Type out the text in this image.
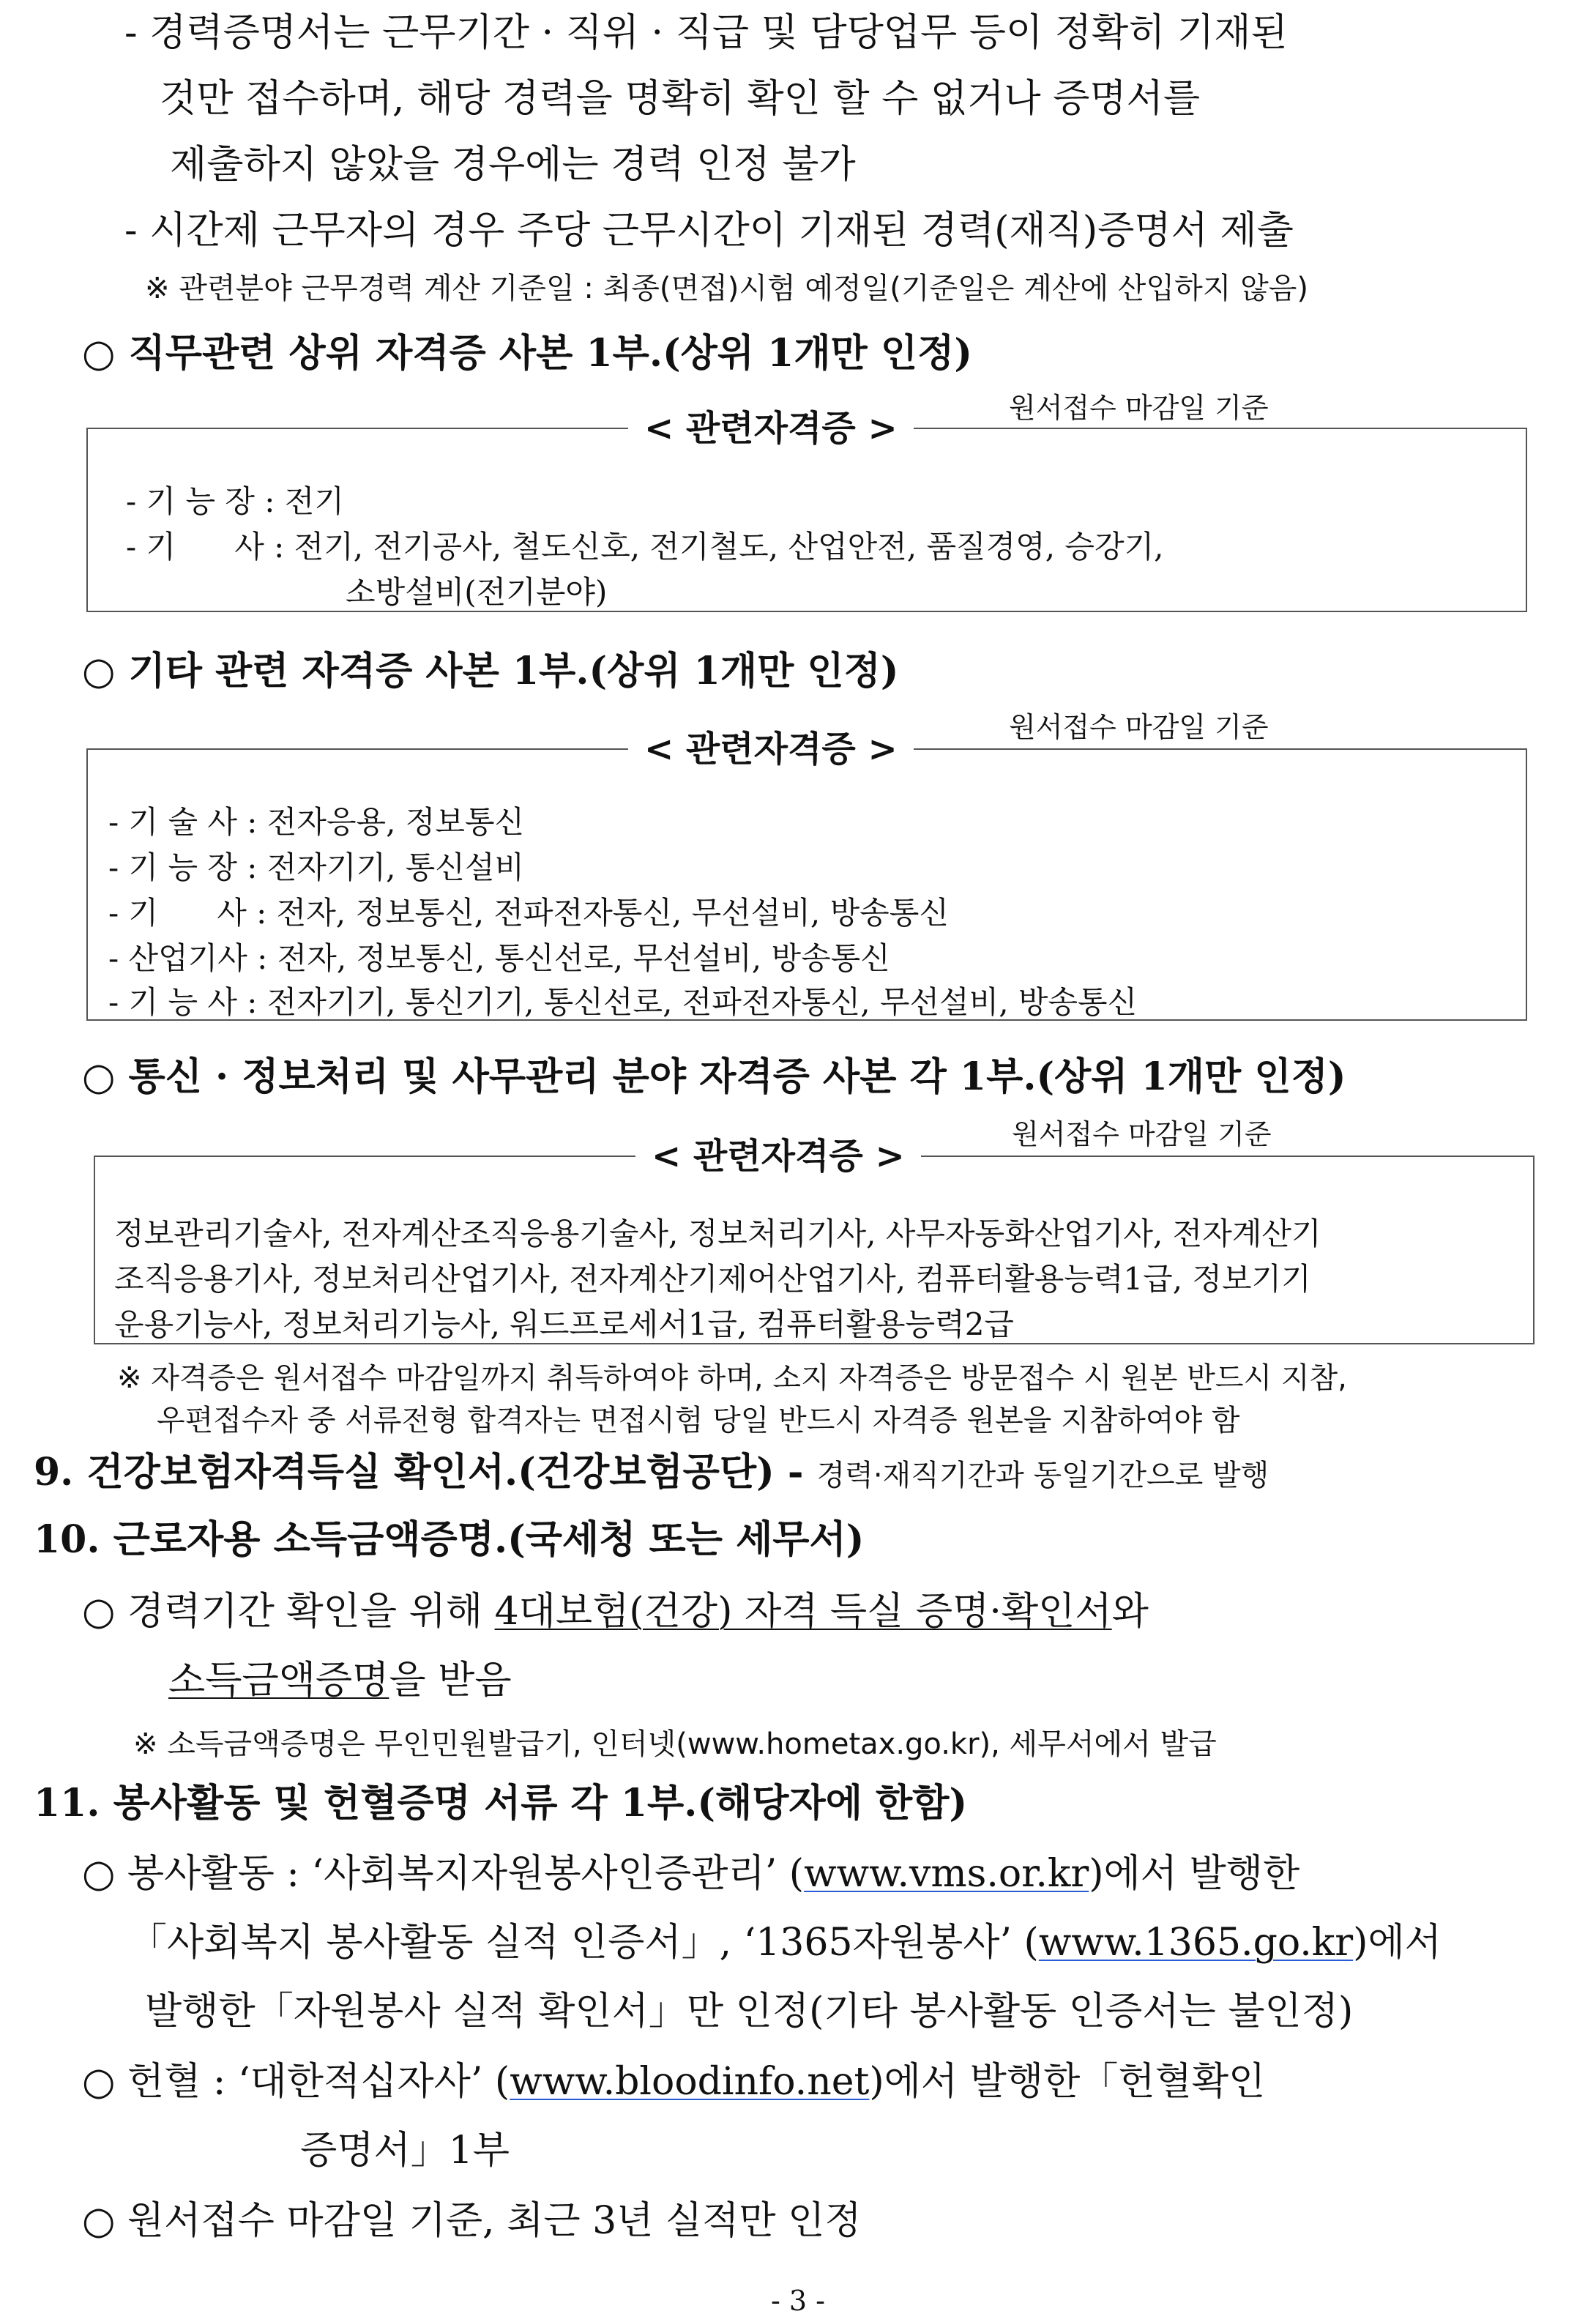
- 경력증명서는 근무기간 · 직위 · 직급 및 담당업무 등이 정확히 기재된
것만 접수하며, 해당 경력을 명확히 확인 할 수 없거나 증명서를
제출하지 않았을 경우에는 경력 인정 불가
- 시간제 근무자의 경우 주당 근무시간이 기재된 경력(재직)증명서 제출
※ 관련분야 근무경력 계산 기준일 : 최종(면접)시험 예정일(기준일은 계산에 산입하지 않음)
○ 직무관련 상위 자격증 사본 1부.(상위 1개만 인정)
원서접수 마감일 기준
< 관련자격증 >
- 기 능 장 : 전기
- 기      사 : 전기, 전기공사, 철도신호, 전기철도, 산업안전, 품질경영, 승강기,
소방설비(전기분야)
○ 기타 관련 자격증 사본 1부.(상위 1개만 인정)
원서접수 마감일 기준
< 관련자격증 >
- 기 술 사 : 전자응용, 정보통신
- 기 능 장 : 전자기기, 통신설비
- 기      사 : 전자, 정보통신, 전파전자통신, 무선설비, 방송통신
- 산업기사 : 전자, 정보통신, 통신선로, 무선설비, 방송통신
- 기 능 사 : 전자기기, 통신기기, 통신선로, 전파전자통신, 무선설비, 방송통신
○ 통신 · 정보처리 및 사무관리 분야 자격증 사본 각 1부.(상위 1개만 인정)
원서접수 마감일 기준
< 관련자격증 >
정보관리기술사, 전자계산조직응용기술사, 정보처리기사, 사무자동화산업기사, 전자계산기
조직응용기사, 정보처리산업기사, 전자계산기제어산업기사, 컴퓨터활용능력1급, 정보기기
운용기능사, 정보처리기능사, 워드프로세서1급, 컴퓨터활용능력2급
※ 자격증은 원서접수 마감일까지 취득하여야 하며, 소지 자격증은 방문접수 시 원본 반드시 지참,
우편접수자 중 서류전형 합격자는 면접시험 당일 반드시 자격증 원본을 지참하여야 함
9. 건강보험자격득실 확인서.(건강보험공단) - 경력·재직기간과 동일기간으로 발행
10. 근로자용 소득금액증명.(국세청 또는 세무서)
○ 경력기간 확인을 위해 4대보험(건강) 자격 득실 증명·확인서와
소득금액증명을 받음
※ 소득금액증명은 무인민원발급기, 인터넷(www.hometax.go.kr), 세무서에서 발급
11. 봉사활동 및 헌혈증명 서류 각 1부.(해당자에 한함)
○ 봉사활동 : ‘사회복지자원봉사인증관리’ (www.vms.or.kr)에서 발행한
「사회복지 봉사활동 실적 인증서」, ‘1365자원봉사’ (www.1365.go.kr)에서
발행한「자원봉사 실적 확인서」만 인정(기타 봉사활동 인증서는 불인정)
○ 헌혈 : ‘대한적십자사’ (www.bloodinfo.net)에서 발행한「헌혈확인
증명서」1부
○ 원서접수 마감일 기준, 최근 3년 실적만 인정
- 3 -
